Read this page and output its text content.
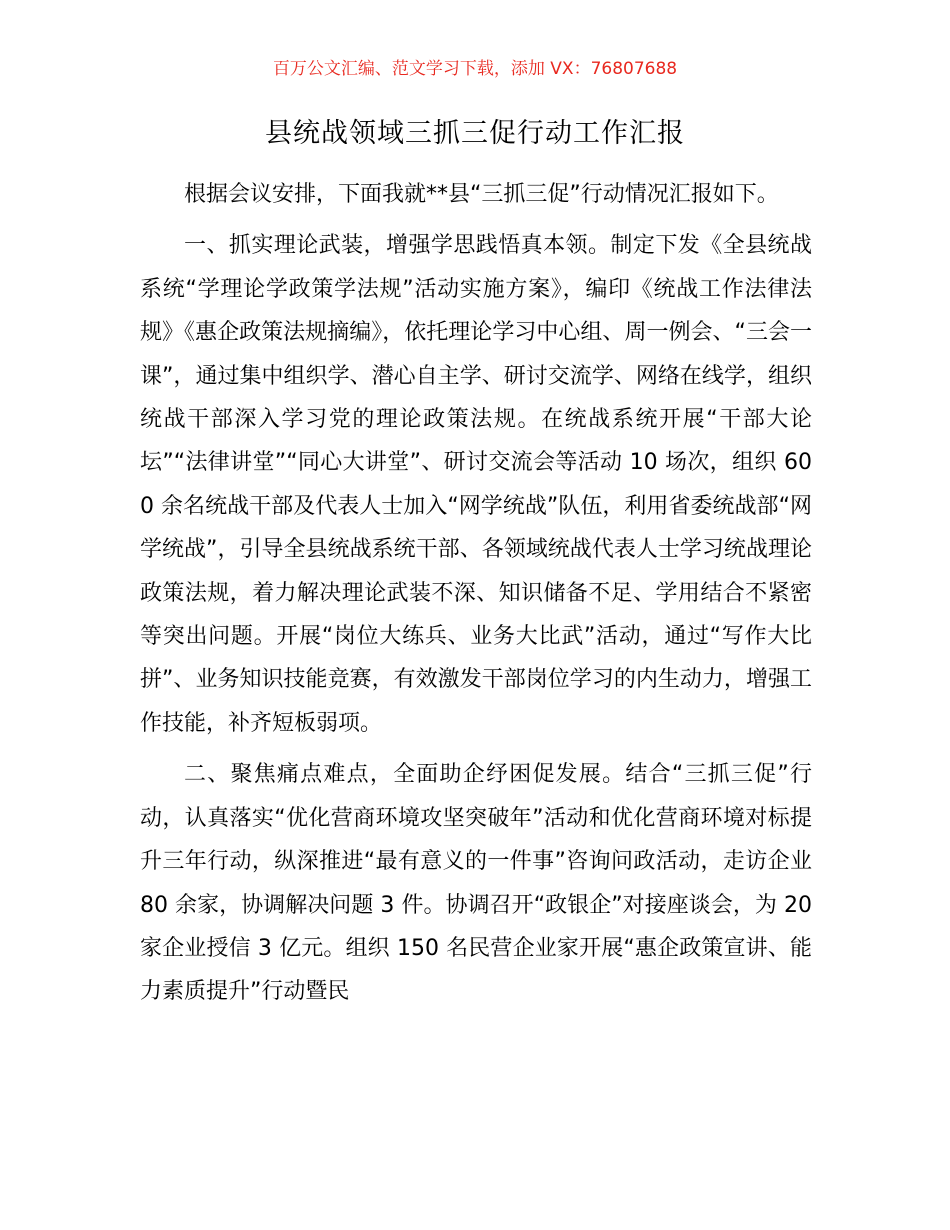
百万公文汇编、范文学习下载，添加 VX：76807688
县统战领域三抓三促行动工作汇报

根据会议安排，下面我就**县“三抓三促”行动情况汇报如下。

一、抓实理论武装，增强学思践悟真本领。制定下发《全县统战系统“学理论学政策学法规”活动实施方案》，编印《统战工作法律法规》《惠企政策法规摘编》，依托理论学习中心组、周一例会、“三会一课”，通过集中组织学、潜心自主学、研讨交流学、网络在线学，组织统战干部深入学习党的理论政策法规。在统战系统开展“干部大论坛”“法律讲堂”“同心大讲堂”、研讨交流会等活动 10 场次，组织 600 余名统战干部及代表人士加入“网学统战”队伍，利用省委统战部“网学统战”，引导全县统战系统干部、各领域统战代表人士学习统战理论政策法规，着力解决理论武装不深、知识储备不足、学用结合不紧密等突出问题。开展“岗位大练兵、业务大比武”活动，通过“写作大比拼”、业务知识技能竞赛，有效激发干部岗位学习的内生动力，增强工作技能，补齐短板弱项。

二、聚焦痛点难点，全面助企纾困促发展。结合“三抓三促”行动，认真落实“优化营商环境攻坚突破年”活动和优化营商环境对标提升三年行动，纵深推进“最有意义的一件事”咨询问政活动，走访企业 80 余家，协调解决问题 3 件。协调召开“政银企”对接座谈会，为 20 家企业授信 3 亿元。组织 150 名民营企业家开展“惠企政策宣讲、能力素质提升”行动暨民
